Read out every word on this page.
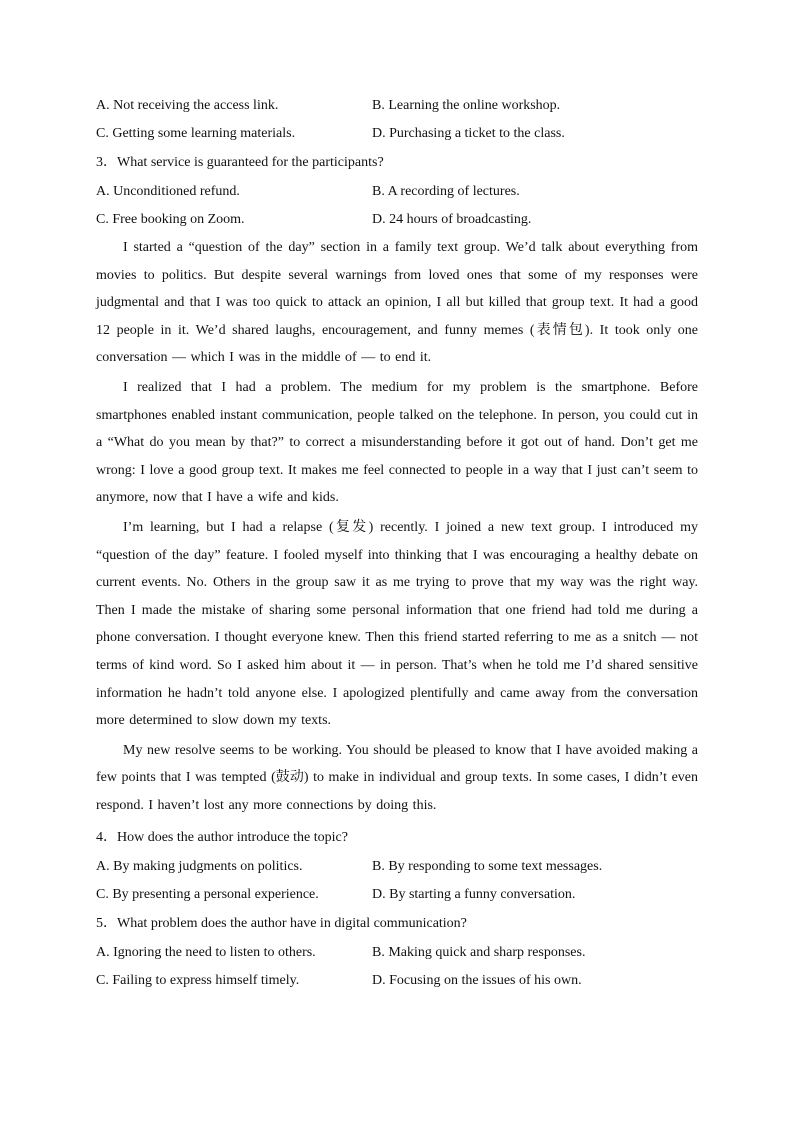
A. Not receiving the access link.	B. Learning the online workshop.
C. Getting some learning materials.	D. Purchasing a ticket to the class.
3．What service is guaranteed for the participants?
A. Unconditioned refund.	B. A recording of lectures.
C. Free booking on Zoom.	D. 24 hours of broadcasting.

I started a “question of the day” section in a family text group. We’d talk about everything from movies to politics. But despite several warnings from loved ones that some of my responses were judgmental and that I was too quick to attack an opinion, I all but killed that group text. It had a good 12 people in it. We’d shared laughs, encouragement, and funny memes (表情包). It took only one conversation — which I was in the middle of — to end it.

I realized that I had a problem. The medium for my problem is the smartphone. Before smartphones enabled instant communication, people talked on the telephone. In person, you could cut in a “What do you mean by that?” to correct a misunderstanding before it got out of hand. Don’t get me wrong: I love a good group text. It makes me feel connected to people in a way that I just can’t seem to anymore, now that I have a wife and kids.

I’m learning, but I had a relapse (复发) recently. I joined a new text group. I introduced my “question of the day” feature. I fooled myself into thinking that I was encouraging a healthy debate on current events. No. Others in the group saw it as me trying to prove that my way was the right way. Then I made the mistake of sharing some personal information that one friend had told me during a phone conversation. I thought everyone knew. Then this friend started referring to me as a snitch — not terms of kind word. So I asked him about it — in person. That’s when he told me I’d shared sensitive information he hadn’t told anyone else. I apologized plentifully and came away from the conversation more determined to slow down my texts.

My new resolve seems to be working. You should be pleased to know that I have avoided making a few points that I was tempted (鼓动) to make in individual and group texts. In some cases, I didn’t even respond. I haven’t lost any more connections by doing this.

4．How does the author introduce the topic?
A. By making judgments on politics.	B. By responding to some text messages.
C. By presenting a personal experience.	D. By starting a funny conversation.
5．What problem does the author have in digital communication?
A. Ignoring the need to listen to others.	B. Making quick and sharp responses.
C. Failing to express himself timely.	D. Focusing on the issues of his own.
